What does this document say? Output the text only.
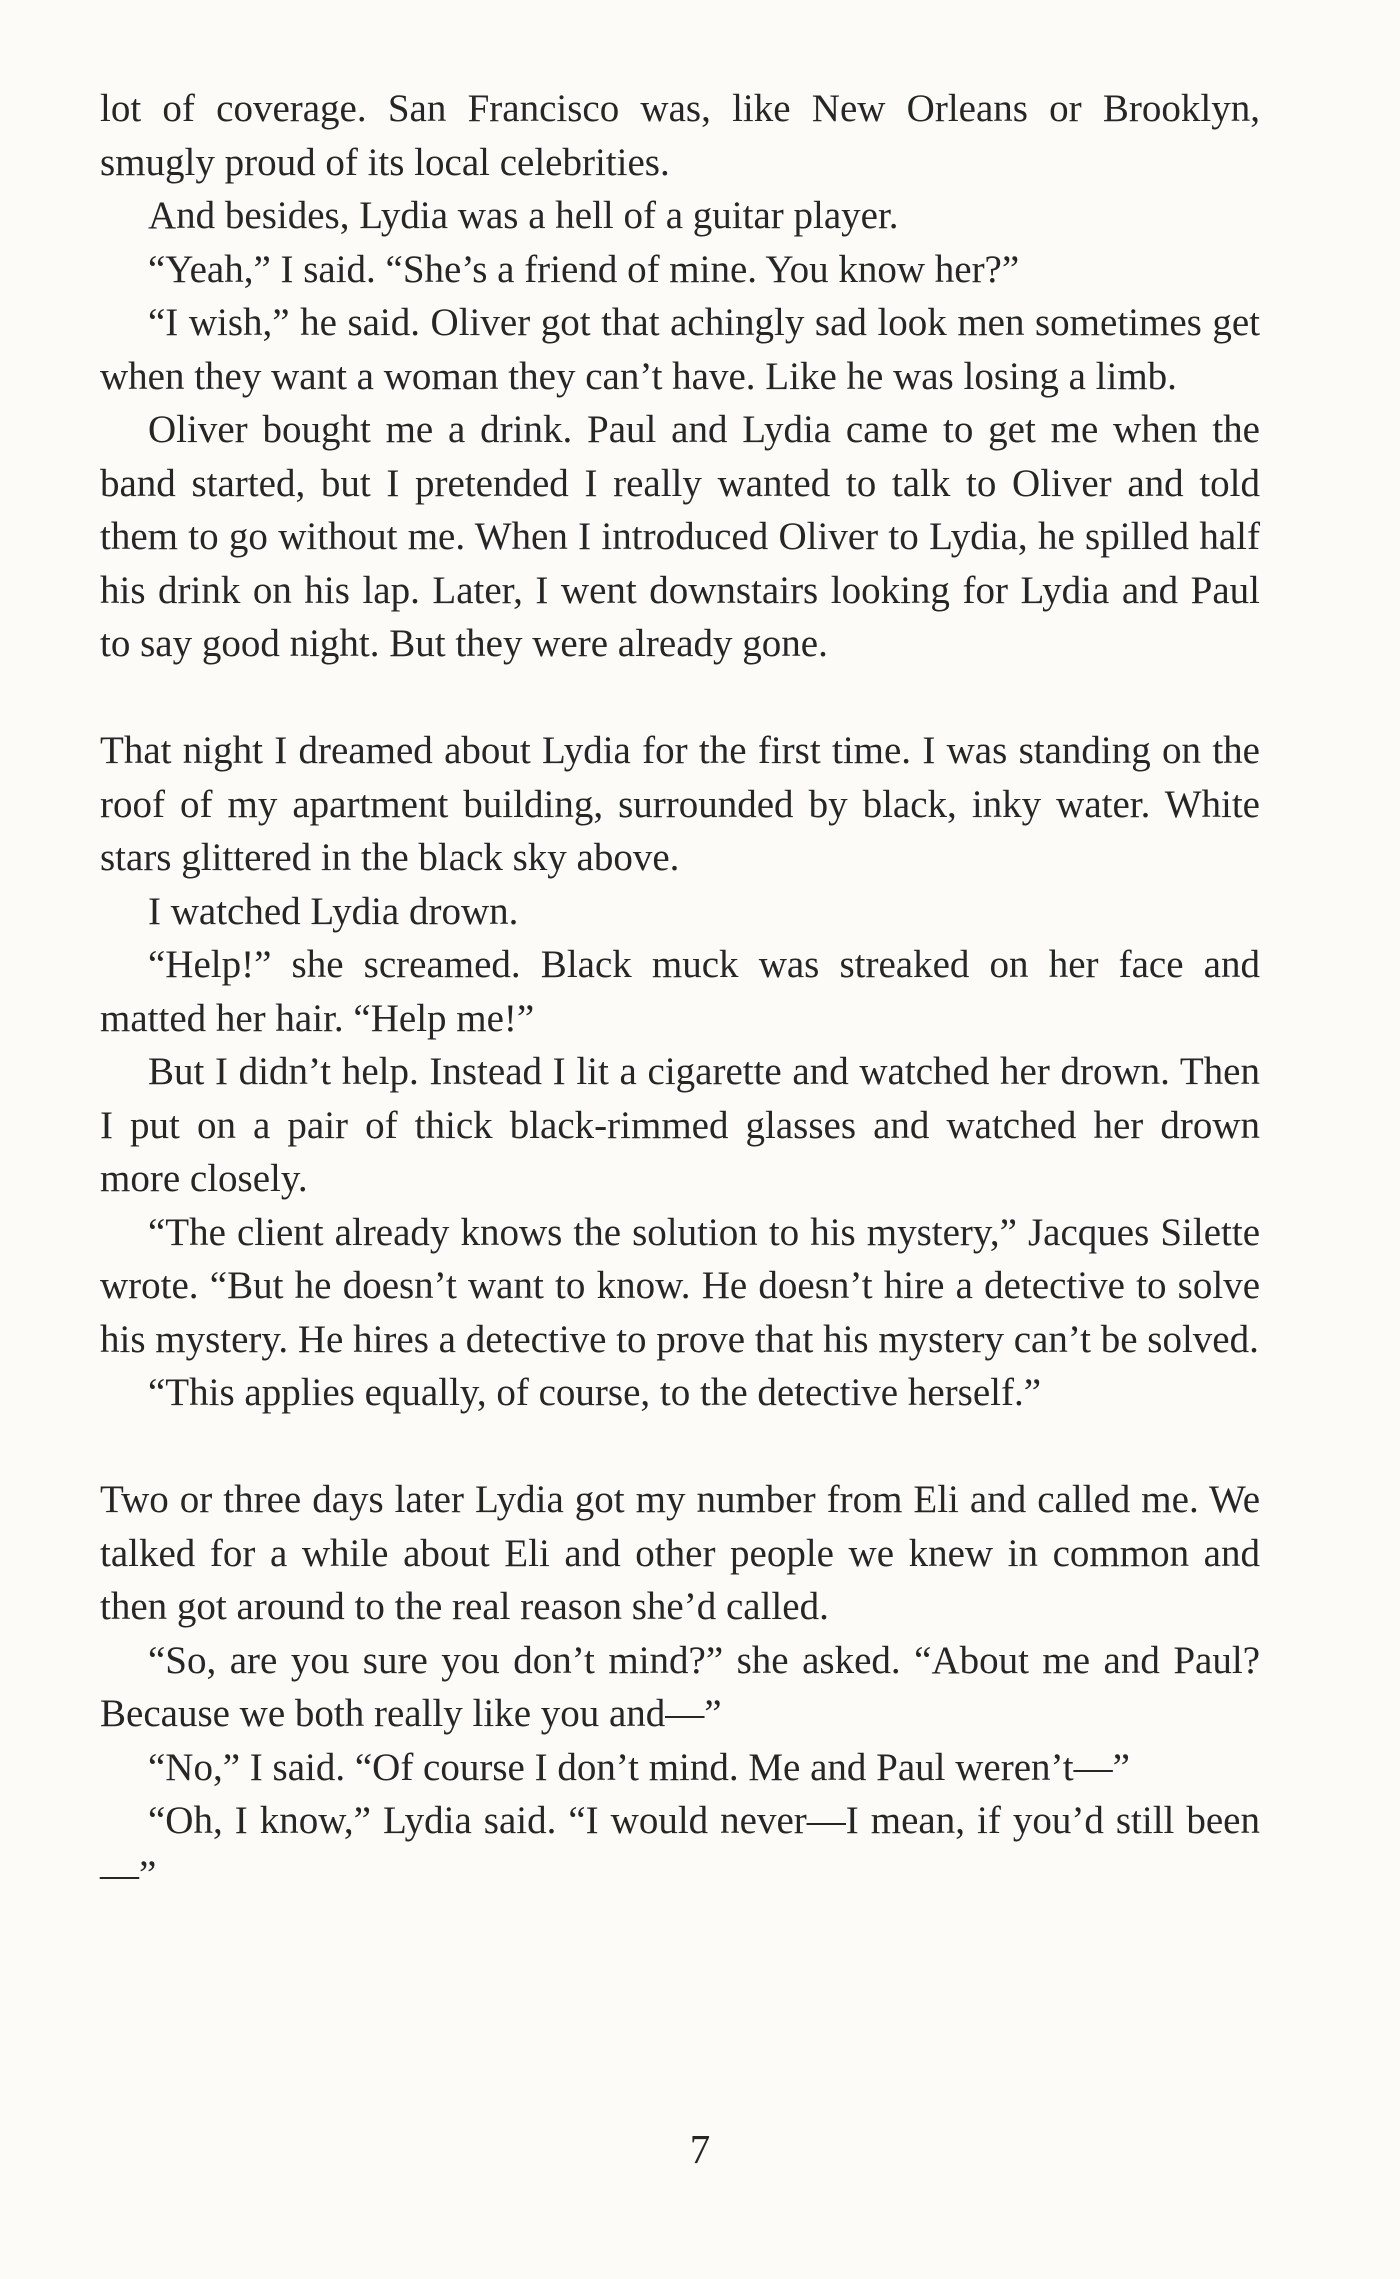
lot of coverage. San Francisco was, like New Orleans or Brooklyn, smugly proud of its local celebrities.

And besides, Lydia was a hell of a guitar player.

“Yeah,” I said. “She’s a friend of mine. You know her?”

“I wish,” he said. Oliver got that achingly sad look men sometimes get when they want a woman they can’t have. Like he was losing a limb.

Oliver bought me a drink. Paul and Lydia came to get me when the band started, but I pretended I really wanted to talk to Oliver and told them to go without me. When I introduced Oliver to Lydia, he spilled half his drink on his lap. Later, I went downstairs looking for Lydia and Paul to say good night. But they were already gone.

That night I dreamed about Lydia for the first time. I was standing on the roof of my apartment building, surrounded by black, inky water. White stars glittered in the black sky above.

I watched Lydia drown.

“Help!” she screamed. Black muck was streaked on her face and matted her hair. “Help me!”

But I didn’t help. Instead I lit a cigarette and watched her drown. Then I put on a pair of thick black-rimmed glasses and watched her drown more closely.

“The client already knows the solution to his mystery,” Jacques Silette wrote. “But he doesn’t want to know. He doesn’t hire a detective to solve his mystery. He hires a detective to prove that his mystery can’t be solved.

“This applies equally, of course, to the detective herself.”

Two or three days later Lydia got my number from Eli and called me. We talked for a while about Eli and other people we knew in common and then got around to the real reason she’d called.

“So, are you sure you don’t mind?” she asked. “About me and Paul? Because we both really like you and—”

“No,” I said. “Of course I don’t mind. Me and Paul weren’t—”

“Oh, I know,” Lydia said. “I would never—I mean, if you’d still been—”

7
